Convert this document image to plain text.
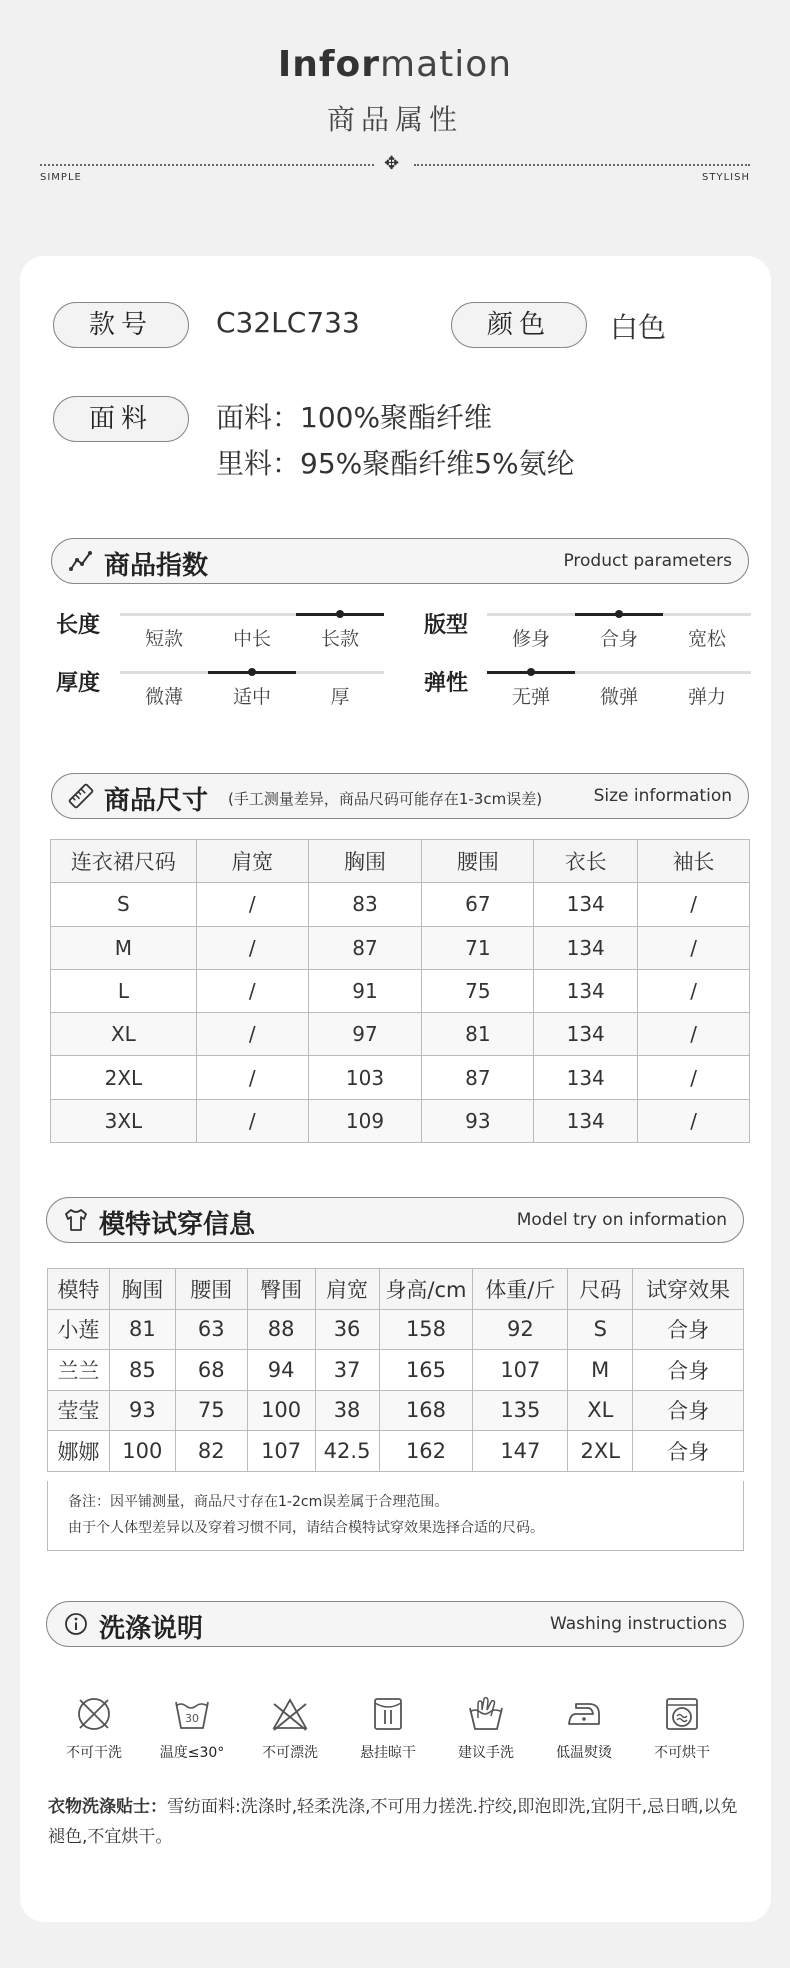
Information
商品属性
✥
SIMPLE	STYLISH
款号	C32LC733	颜色	白色
面料	面料：100%聚酯纤维
里料：95%聚酯纤维5%氨纶
商品指数	Product parameters
商品尺寸 (手工测量差异，商品尺码可能存在1-3cm误差)	Size information
连衣裙尺码	肩宽	胸围	腰围	衣长	袖长
S	/	83	67	134	/
M	/	87	71	134	/
L	/	91	75	134	/
XL	/	97	81	134	/
2XL	/	103	87	134	/
3XL	/	109	93	134	/
模特试穿信息	Model try on information
模特	胸围	腰围	臀围	肩宽	身高/cm	体重/斤	尺码	试穿效果
小莲	81	63	88	36	158	92	S	合身
兰兰	85	68	94	37	165	107	M	合身
莹莹	93	75	100	38	168	135	XL	合身
娜娜	100	82	107	42.5	162	147	2XL	合身
备注：因平铺测量，商品尺寸存在1-2cm误差属于合理范围。
由于个人体型差异以及穿着习惯不同，请结合模特试穿效果选择合适的尺码。
洗涤说明	Washing instructions
不可干洗
30
温度≤30°	不可漂洗	悬挂晾干	建议手洗	低温熨烫	不可烘干
衣物洗涤贴士：雪纺面料:洗涤时,轻柔洗涤,不可用力搓洗.拧绞,即泡即洗,宜阴干,忌日晒,以免褪色,不宜烘干。
长度
短款	中长	长款
版型
修身	合身	宽松
厚度
微薄	适中	厚
弹性
无弹	微弹	弹力
